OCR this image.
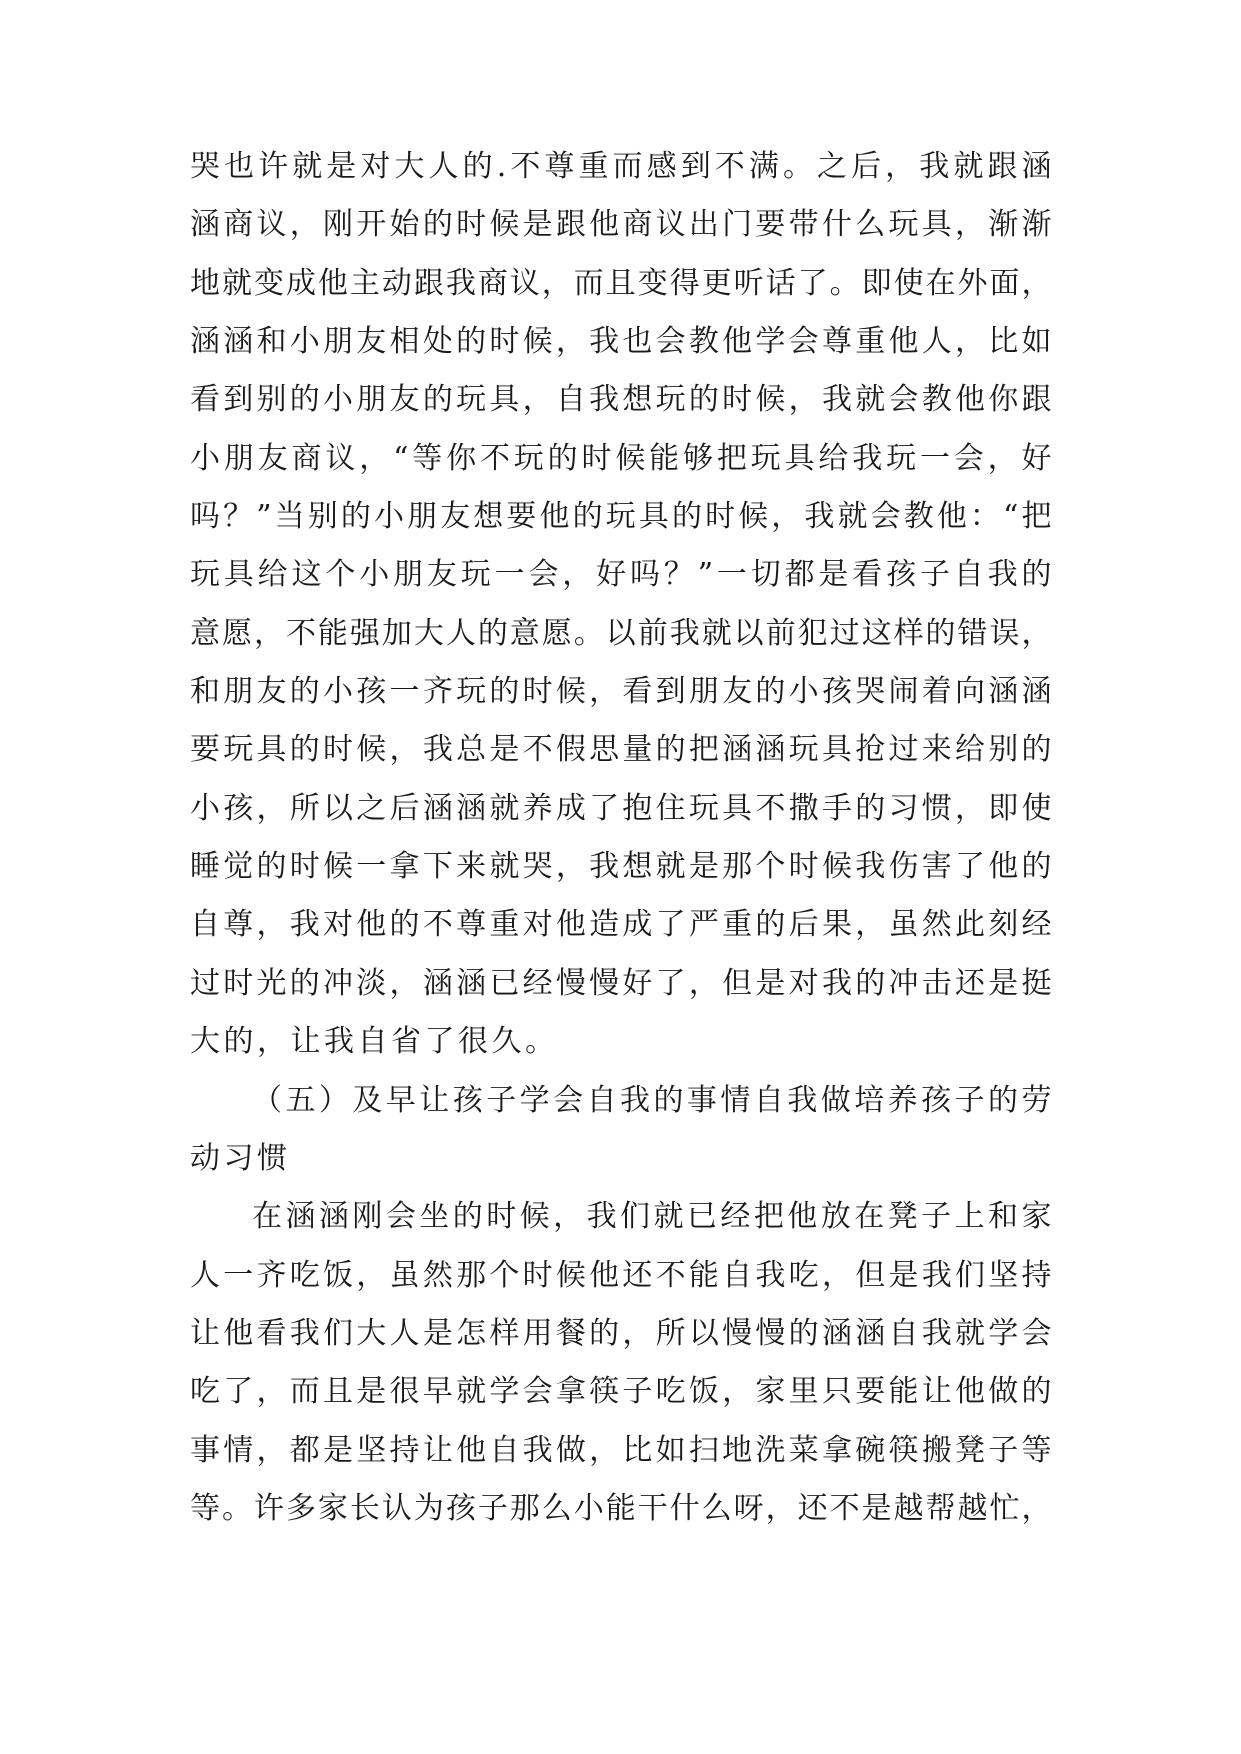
哭也许就是对大人的.不尊重而感到不满。之后，我就跟涵
涵商议，刚开始的时候是跟他商议出门要带什么玩具，渐渐
地就变成他主动跟我商议，而且变得更听话了。即使在外面，
涵涵和小朋友相处的时候，我也会教他学会尊重他人，比如
看到别的小朋友的玩具，自我想玩的时候，我就会教他你跟
小朋友商议，“等你不玩的时候能够把玩具给我玩一会，好
吗？”当别的小朋友想要他的玩具的时候，我就会教他：“把
玩具给这个小朋友玩一会，好吗？”一切都是看孩子自我的
意愿，不能强加大人的意愿。以前我就以前犯过这样的错误，
和朋友的小孩一齐玩的时候，看到朋友的小孩哭闹着向涵涵
要玩具的时候，我总是不假思量的把涵涵玩具抢过来给别的
小孩，所以之后涵涵就养成了抱住玩具不撒手的习惯，即使
睡觉的时候一拿下来就哭，我想就是那个时候我伤害了他的
自尊，我对他的不尊重对他造成了严重的后果，虽然此刻经
过时光的冲淡，涵涵已经慢慢好了，但是对我的冲击还是挺
大的，让我自省了很久。
（五）及早让孩子学会自我的事情自我做培养孩子的劳
动习惯
在涵涵刚会坐的时候，我们就已经把他放在凳子上和家
人一齐吃饭，虽然那个时候他还不能自我吃，但是我们坚持
让他看我们大人是怎样用餐的，所以慢慢的涵涵自我就学会
吃了，而且是很早就学会拿筷子吃饭，家里只要能让他做的
事情，都是坚持让他自我做，比如扫地洗菜拿碗筷搬凳子等
等。许多家长认为孩子那么小能干什么呀，还不是越帮越忙，
